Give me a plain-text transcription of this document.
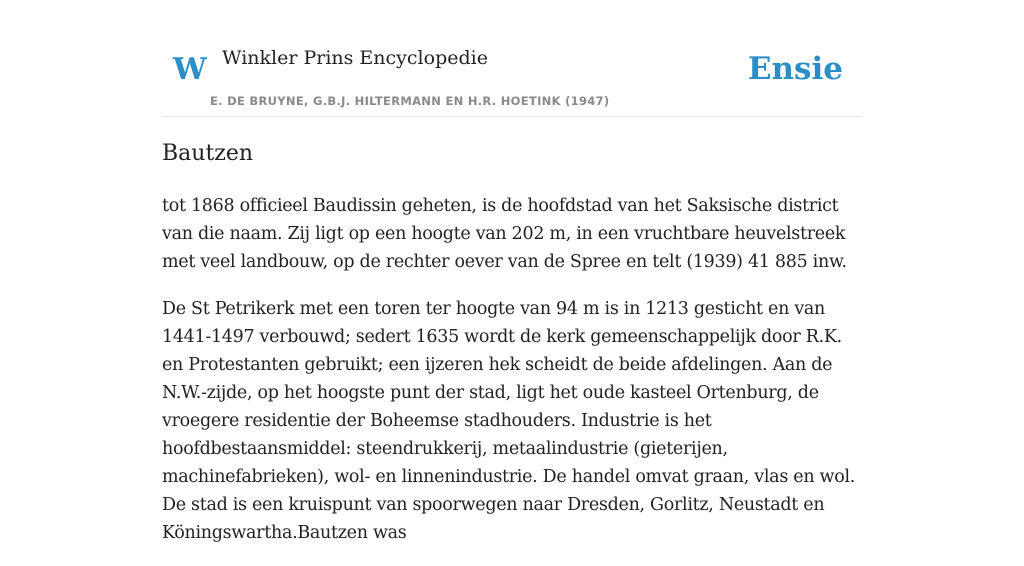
W Winkler Prins Encyclopedie
E. DE BRUYNE, G.B.J. HILTERMANN EN H.R. HOETINK (1947)
Ensie
Bautzen

tot 1868 officieel Baudissin geheten, is de hoofdstad van het Saksische district van die naam. Zij ligt op een hoogte van 202 m, in een vruchtbare heuvelstreek met veel landbouw, op de rechter oever van de Spree en telt (1939) 41 885 inw.

De St Petrikerk met een toren ter hoogte van 94 m is in 1213 gesticht en van 1441-1497 verbouwd; sedert 1635 wordt de kerk gemeenschappelijk door R.K. en Protestanten gebruikt; een ijzeren hek scheidt de beide afdelingen. Aan de N.W.-zijde, op het hoogste punt der stad, ligt het oude kasteel Ortenburg, de vroegere residentie der Boheemse stadhouders. Industrie is het hoofdbestaansmiddel: steendrukkerij, metaalindustrie (gieterijen, machinefabrieken), wol- en linnenindustrie. De handel omvat graan, vlas en wol. De stad is een kruispunt van spoorwegen naar Dresden, Gorlitz, Neustadt en Köningswartha.Bautzen was
